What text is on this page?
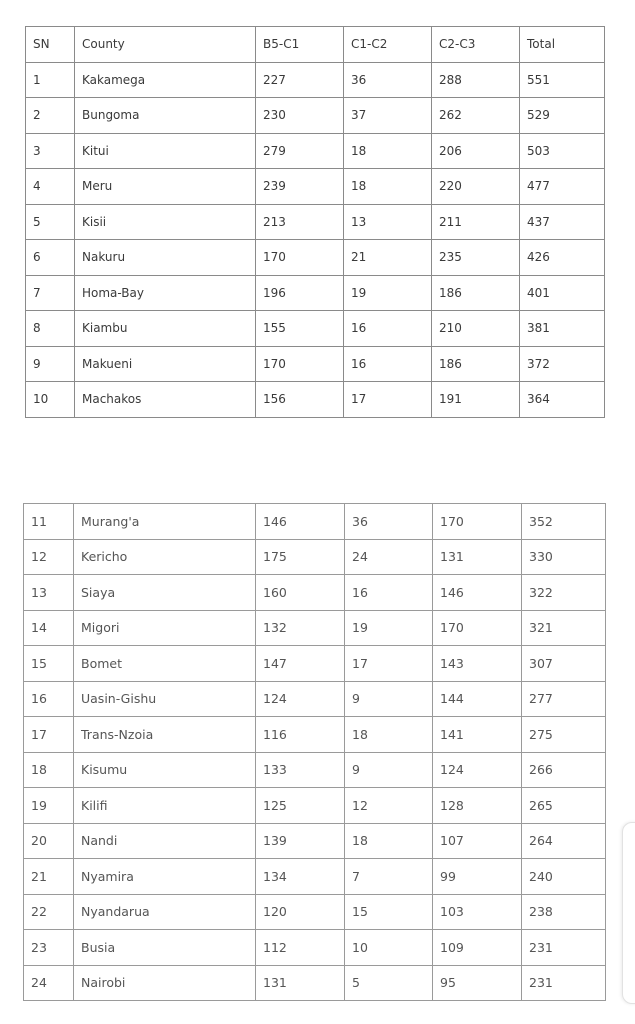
SN	County	B5-C1	C1-C2	C2-C3	Total
1	Kakamega	227	36	288	551
2	Bungoma	230	37	262	529
3	Kitui	279	18	206	503
4	Meru	239	18	220	477
5	Kisii	213	13	211	437
6	Nakuru	170	21	235	426
7	Homa-Bay	196	19	186	401
8	Kiambu	155	16	210	381
9	Makueni	170	16	186	372
10	Machakos	156	17	191	364

11	Murang'a	146	36	170	352
12	Kericho	175	24	131	330
13	Siaya	160	16	146	322
14	Migori	132	19	170	321
15	Bomet	147	17	143	307
16	Uasin-Gishu	124	9	144	277
17	Trans-Nzoia	116	18	141	275
18	Kisumu	133	9	124	266
19	Kilifi	125	12	128	265
20	Nandi	139	18	107	264
21	Nyamira	134	7	99	240
22	Nyandarua	120	15	103	238
23	Busia	112	10	109	231
24	Nairobi	131	5	95	231
